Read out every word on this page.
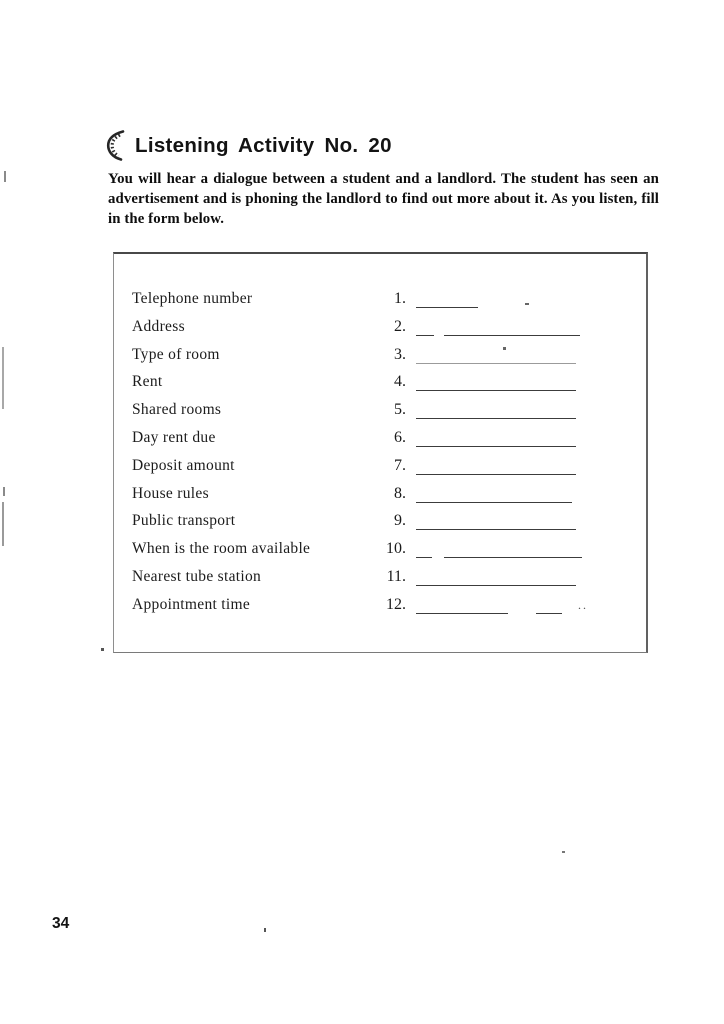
Listening Activity No. 20
You will hear a dialogue between a student and a landlord. The student has seen an
advertisement and is phoning the landlord to find out more about it. As you listen, fill
in the form below.
Telephone number	1.
Address	2.
Type of room	3.
Rent	4.
Shared rooms	5.
Day rent due	6.
Deposit amount	7.
House rules	8.
Public transport	9.
When is the room available	10.
Nearest tube station	11.
Appointment time	12.	..
34
